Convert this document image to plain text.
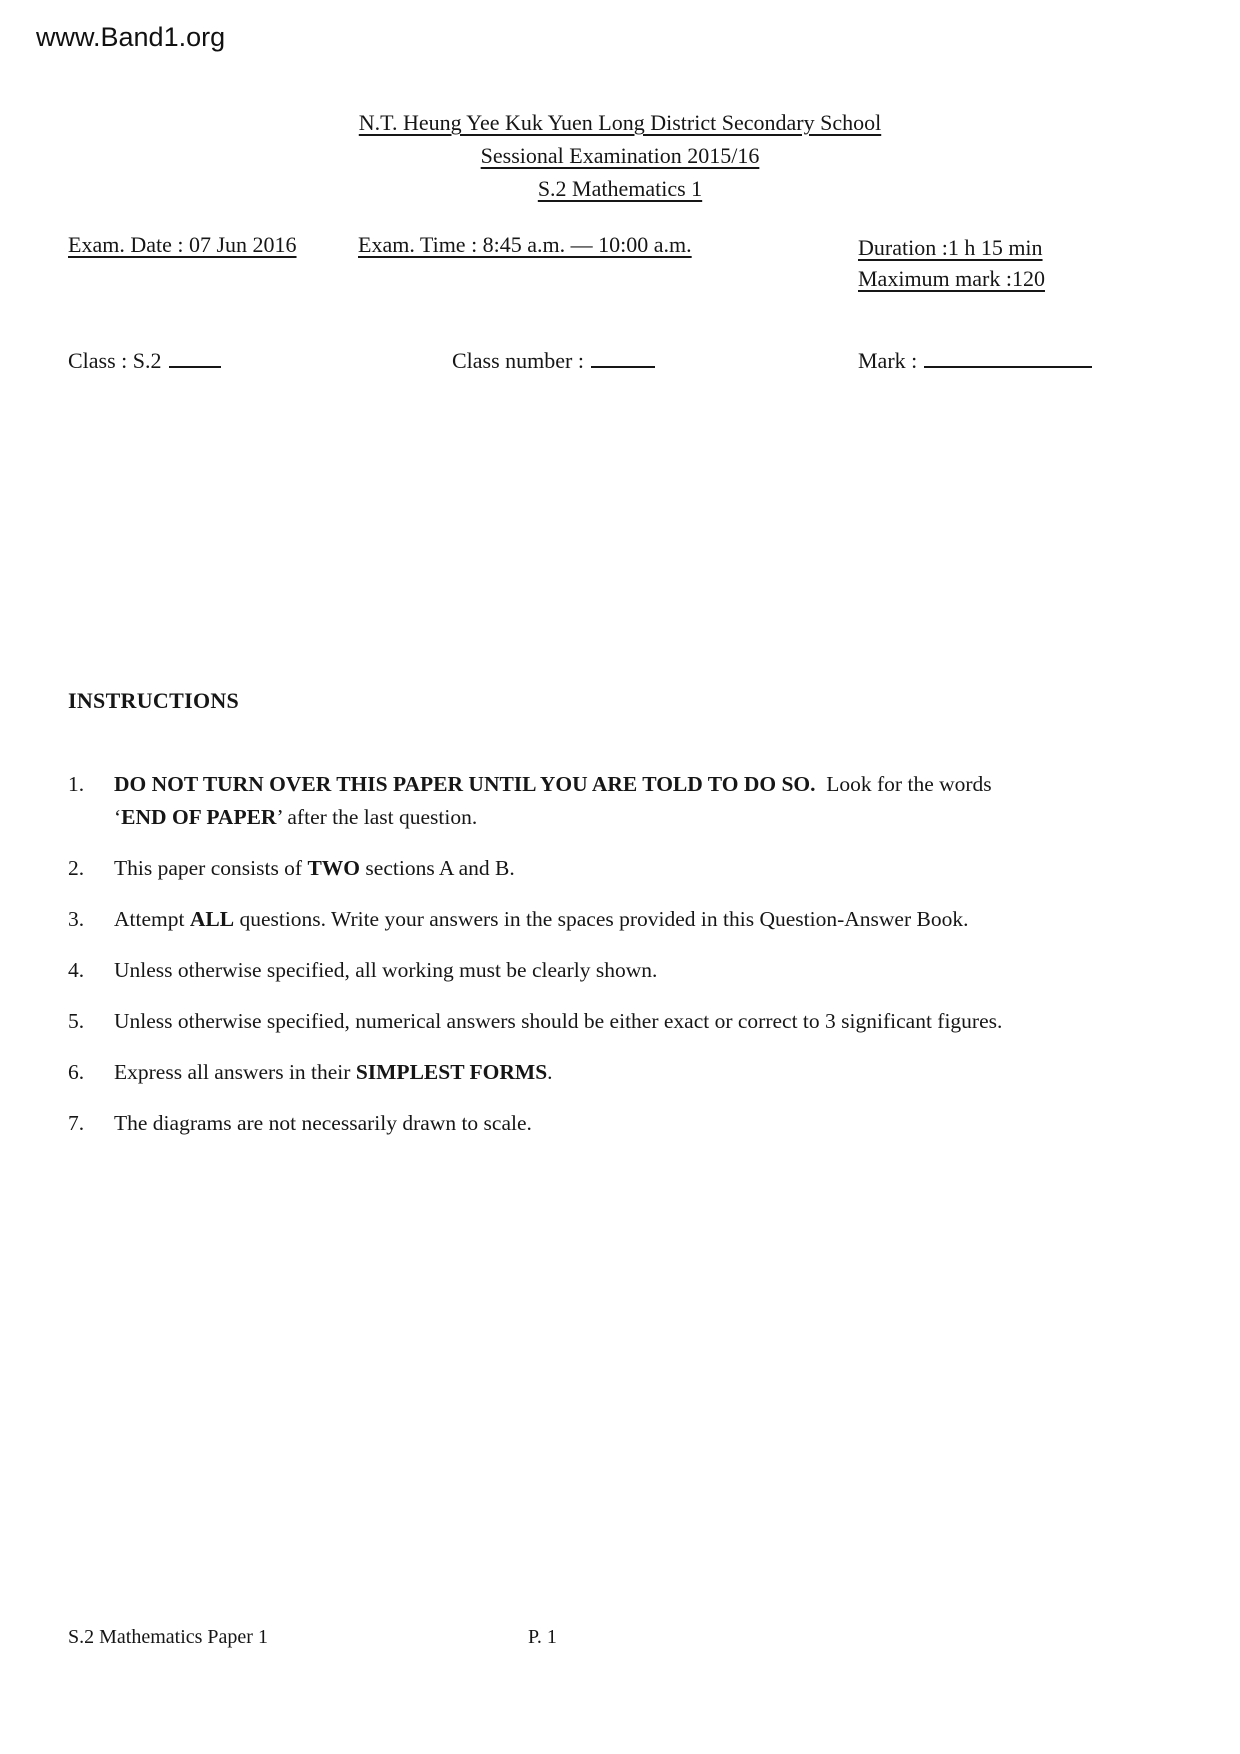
www.Band1.org
N.T. Heung Yee Kuk Yuen Long District Secondary School
Sessional Examination 2015/16
S.2 Mathematics 1
Exam. Date : 07 Jun 2016	Exam. Time : 8:45 a.m. — 10:00 a.m.	Duration :1 h 15 min
Maximum mark :120
Class : S.2	Class number :	Mark :
INSTRUCTIONS
1.	DO NOT TURN OVER THIS PAPER UNTIL YOU ARE TOLD TO DO SO.  Look for the words
‘END OF PAPER’ after the last question.
2.	This paper consists of TWO sections A and B.
3.	Attempt ALL questions. Write your answers in the spaces provided in this Question-Answer Book.
4.	Unless otherwise specified, all working must be clearly shown.
5.	Unless otherwise specified, numerical answers should be either exact or correct to 3 significant figures.
6.	Express all answers in their SIMPLEST FORMS.
7.	The diagrams are not necessarily drawn to scale.
S.2 Mathematics Paper 1	P. 1
